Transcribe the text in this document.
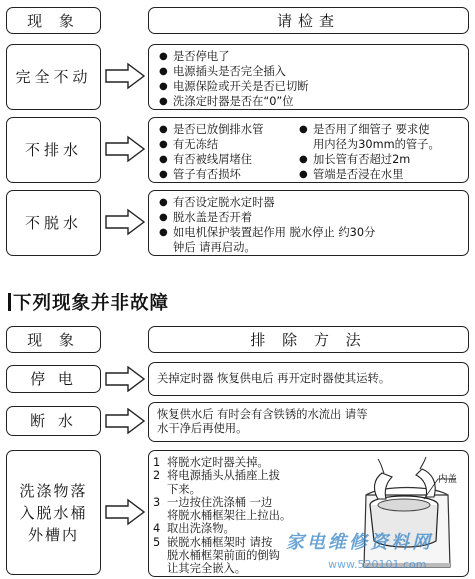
现 象	请检查
完全不动
● 是否停电了
● 电源插头是否完全插入
● 电源保险或开关是否已切断
● 洗涤定时器是否在“0”位
不排水
● 是否已放倒排水管
● 有无冻结
● 有否被线屑堵住
● 管子有否损坏
● 是否用了细管子 要求使
用内径为30mm的管子。
● 加长管有否超过2m
● 管端是否浸在水里
不脱水
● 有否设定脱水定时器
● 脱水盖是否开着
● 如电机保护装置起作用 脱水停止 约30分
钟后 请再启动。
下列现象并非故障
现 象	排 除 方 法
停 电	关掉定时器 恢复供电后 再开定时器使其运转。
断 水	恢复供水后 有时会有含铁锈的水流出 请等
水干净后再使用。
洗涤物落入脱水桶外槽内
1 将脱水定时器关掉。
2 将电源插头从插座上拔
下来。
3 一边按住洗涤桶 一边
将脱水桶框架往上拉出。
4 取出洗涤物。
5 嵌脱水桶框架时 请按
脱水桶框架前面的倒钩
让其完全嵌入。
内盖
家电维修资料网
www.520101.com
